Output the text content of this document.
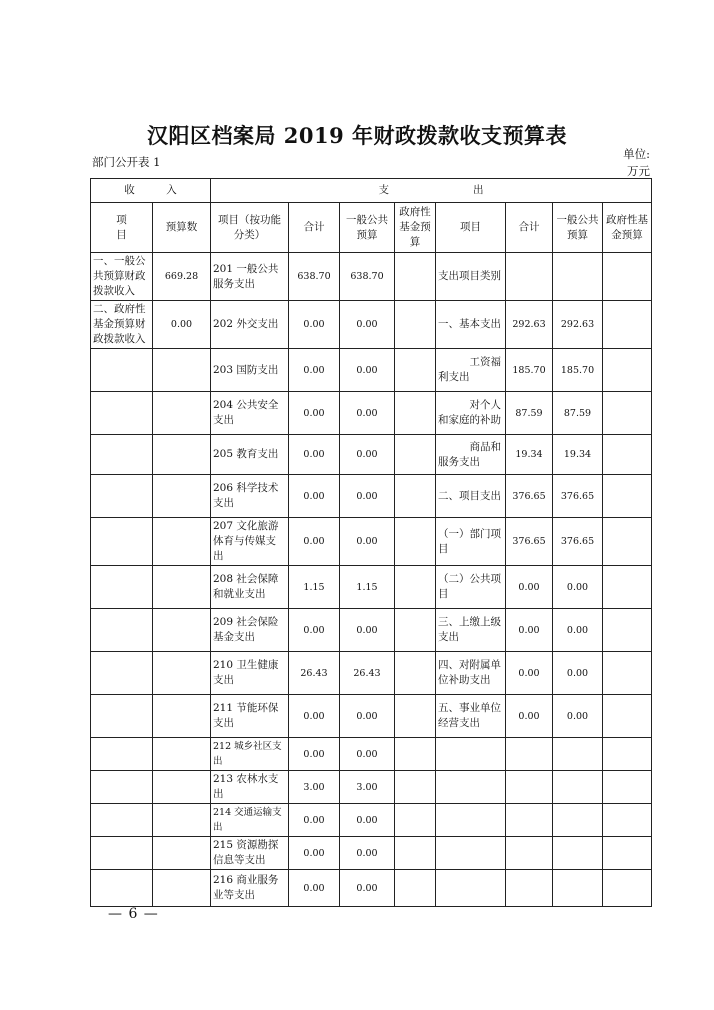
汉阳区档案局 2019 年财政拨款收支预算表
部门公开表 1
单位:
万元
收　　　入		支　　　　　　　　出							
项 目	预算数	项目（按功能分类）	合计	一般公共预算	政府性基金预算	项目	合计	一般公共预算	政府性基金预算
一、一般公共预算财政拨款收入	669.28	201 一般公共服务支出	638.70	638.70		支出项目类别			
二、政府性基金预算财政拨款收入	0.00	202 外交支出	0.00	0.00		一、基本支出	292.63	292.63	
		203 国防支出	0.00	0.00		工资福利支出	185.70	185.70	
		204 公共安全支出	0.00	0.00		对个人和家庭的补助	87.59	87.59	
		205 教育支出	0.00	0.00		商品和服务支出	19.34	19.34	
		206 科学技术支出	0.00	0.00		二、项目支出	376.65	376.65	
		207 文化旅游体育与传媒支出	0.00	0.00		（一）部门项目	376.65	376.65	
		208 社会保障和就业支出	1.15	1.15		（二）公共项目	0.00	0.00	
		209 社会保险基金支出	0.00	0.00		三、上缴上级支出	0.00	0.00	
		210 卫生健康支出	26.43	26.43		四、对附属单位补助支出	0.00	0.00	
		211 节能环保支出	0.00	0.00		五、事业单位经营支出	0.00	0.00	
		212 城乡社区支出	0.00	0.00					
		213 农林水支出	3.00	3.00					
		214 交通运输支出	0.00	0.00					
		215 资源勘探信息等支出	0.00	0.00					
		216 商业服务业等支出	0.00	0.00					
— 6 —
